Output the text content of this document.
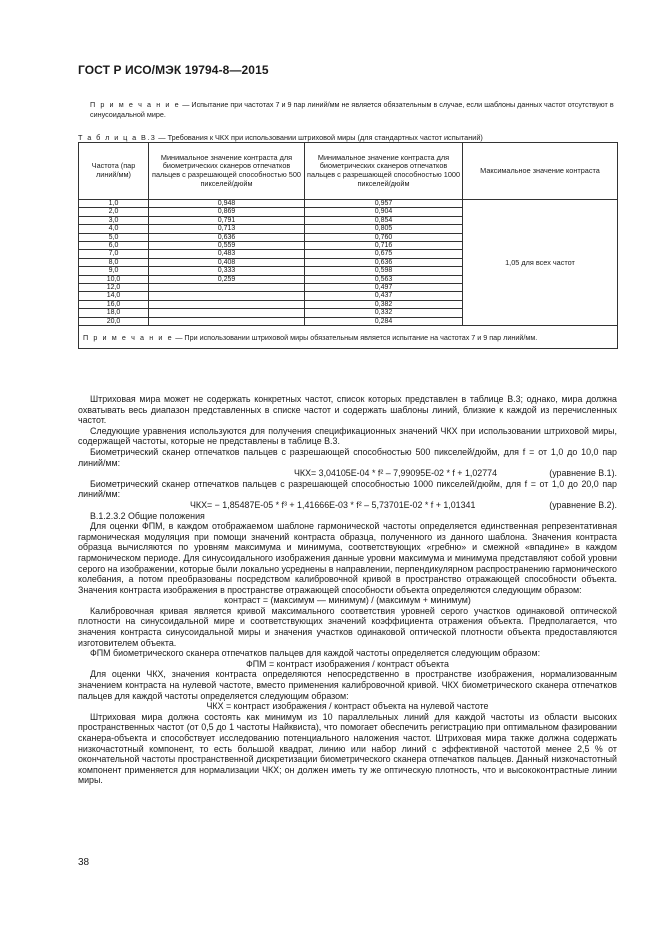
ГОСТ Р ИСО/МЭК 19794-8—2015
П р и м е ч а н и е — Испытание при частотах 7 и 9 пар линий/мм не является обязательным в случае, если шаблоны данных частот отсутствуют в синусоидальной мире.
Т а б л и ц а В.3 — Требования к ЧКХ при использовании штриховой миры (для стандартных частот испытаний)
Частота (пар линий/мм)	Минимальное значение контраста для биометрических сканеров отпечатков пальцев с разрешающей способностью 500 пикселей/дюйм	Минимальное значение контраста для биометрических сканеров отпечатков пальцев с разрешающей способностью 1000 пикселей/дюйм	Максимальное значение контраста
1,0	0,948	0,957	1,05 для всех частот
2,0	0,869	0,904	
3,0	0,791	0,854	
4,0	0,713	0,805	
5,0	0,636	0,760	
6,0	0,559	0,716	
7,0	0,483	0,675	
8,0	0,408	0,636	
9,0	0,333	0,598	
10,0	0,259	0,563	
12,0		0,497	
14,0		0,437	
16,0		0,382	
18,0		0,332	
20,0		0,284	
П р и м е ч а н и е — При использовании штриховой миры обязательным является испытание на частотах 7 и 9 пар линий/мм.			

Штриховая мира может не содержать конкретных частот, список которых представлен в таблице В.3; однако, мира должна охватывать весь диапазон представленных в списке частот и содержать шаблоны линий, близкие к каждой из перечисленных частот.

Следующие уравнения используются для получения спецификационных значений ЧКХ при использовании штриховой миры, содержащей частоты, которые не представлены в таблице В.3.

Биометрический сканер отпечатков пальцев с разрешающей способностью 500 пикселей/дюйм, для f = от 1,0 до 10,0 пар линий/мм:

ЧКХ= 3,04105E-04 * f² – 7,99095E-02 * f + 1,02774	(уравнение В.1).

Биометрический сканер отпечатков пальцев с разрешающей способностью 1000 пикселей/дюйм, для f = от 1,0 до 20,0 пар линий/мм:

ЧКХ= − 1,85487E-05 * f³ + 1,41666E-03 * f² – 5,73701E-02 * f + 1,01341	(уравнение В.2).

В.1.2.3.2 Общие положения

Для оценки ФПМ, в каждом отображаемом шаблоне гармонической частоты определяется единственная репрезентативная гармоническая модуляция при помощи значений контраста образца, полученного из данного шаблона. Значения контраста образца вычисляются по уровням максимума и минимума, соответствующих «гребню» и смежной «впадине» в каждом гармоническом периоде. Для синусоидального изображения данные уровни максимума и минимума представляют собой уровни серого на изображении, которые были локально усреднены в направлении, перпендикулярном распространению гармонического колебания, а потом преобразованы посредством калибровочной кривой в пространство отражающей способности объекта. Значения контраста изображения в пространстве отражающей способности объекта определяются следующим образом:

контраст = (максимум — минимум) / (максимум + минимум)

Калибровочная кривая является кривой максимального соответствия уровней серого участков одинаковой оптической плотности на синусоидальной мире и соответствующих значений коэффициента отражения объекта. Предполагается, что значения контраста синусоидальной миры и значения участков одинаковой оптической плотности объекта предоставляются изготовителем объекта.

ФПМ биометрического сканера отпечатков пальцев для каждой частоты определяется следующим образом:

ФПМ = контраст изображения / контраст объекта

Для оценки ЧКХ, значения контраста определяются непосредственно в пространстве изображения, нормализованным значением контраста на нулевой частоте, вместо применения калибровочной кривой. ЧКХ биометрического сканера отпечатков пальцев для каждой частоты определяется следующим образом:

ЧКХ = контраст изображения / контраст объекта на нулевой частоте

Штриховая мира должна состоять как минимум из 10 параллельных линий для каждой частоты из области высоких пространственных частот (от 0,5 до 1 частоты Найквиста), что помогает обеспечить регистрацию при оптимальном фазировании сканера-объекта и способствует исследованию потенциального наложения частот. Штриховая мира также должна содержать низкочастотный компонент, то есть большой квадрат, линию или набор линий с эффективной частотой менее 2,5 % от окончательной частоты пространственной дискретизации биометрического сканера отпечатков пальцев. Данный низкочастотный компонент применяется для нормализации ЧКХ; он должен иметь ту же оптическую плотность, что и высококонтрастные линии миры.

38
